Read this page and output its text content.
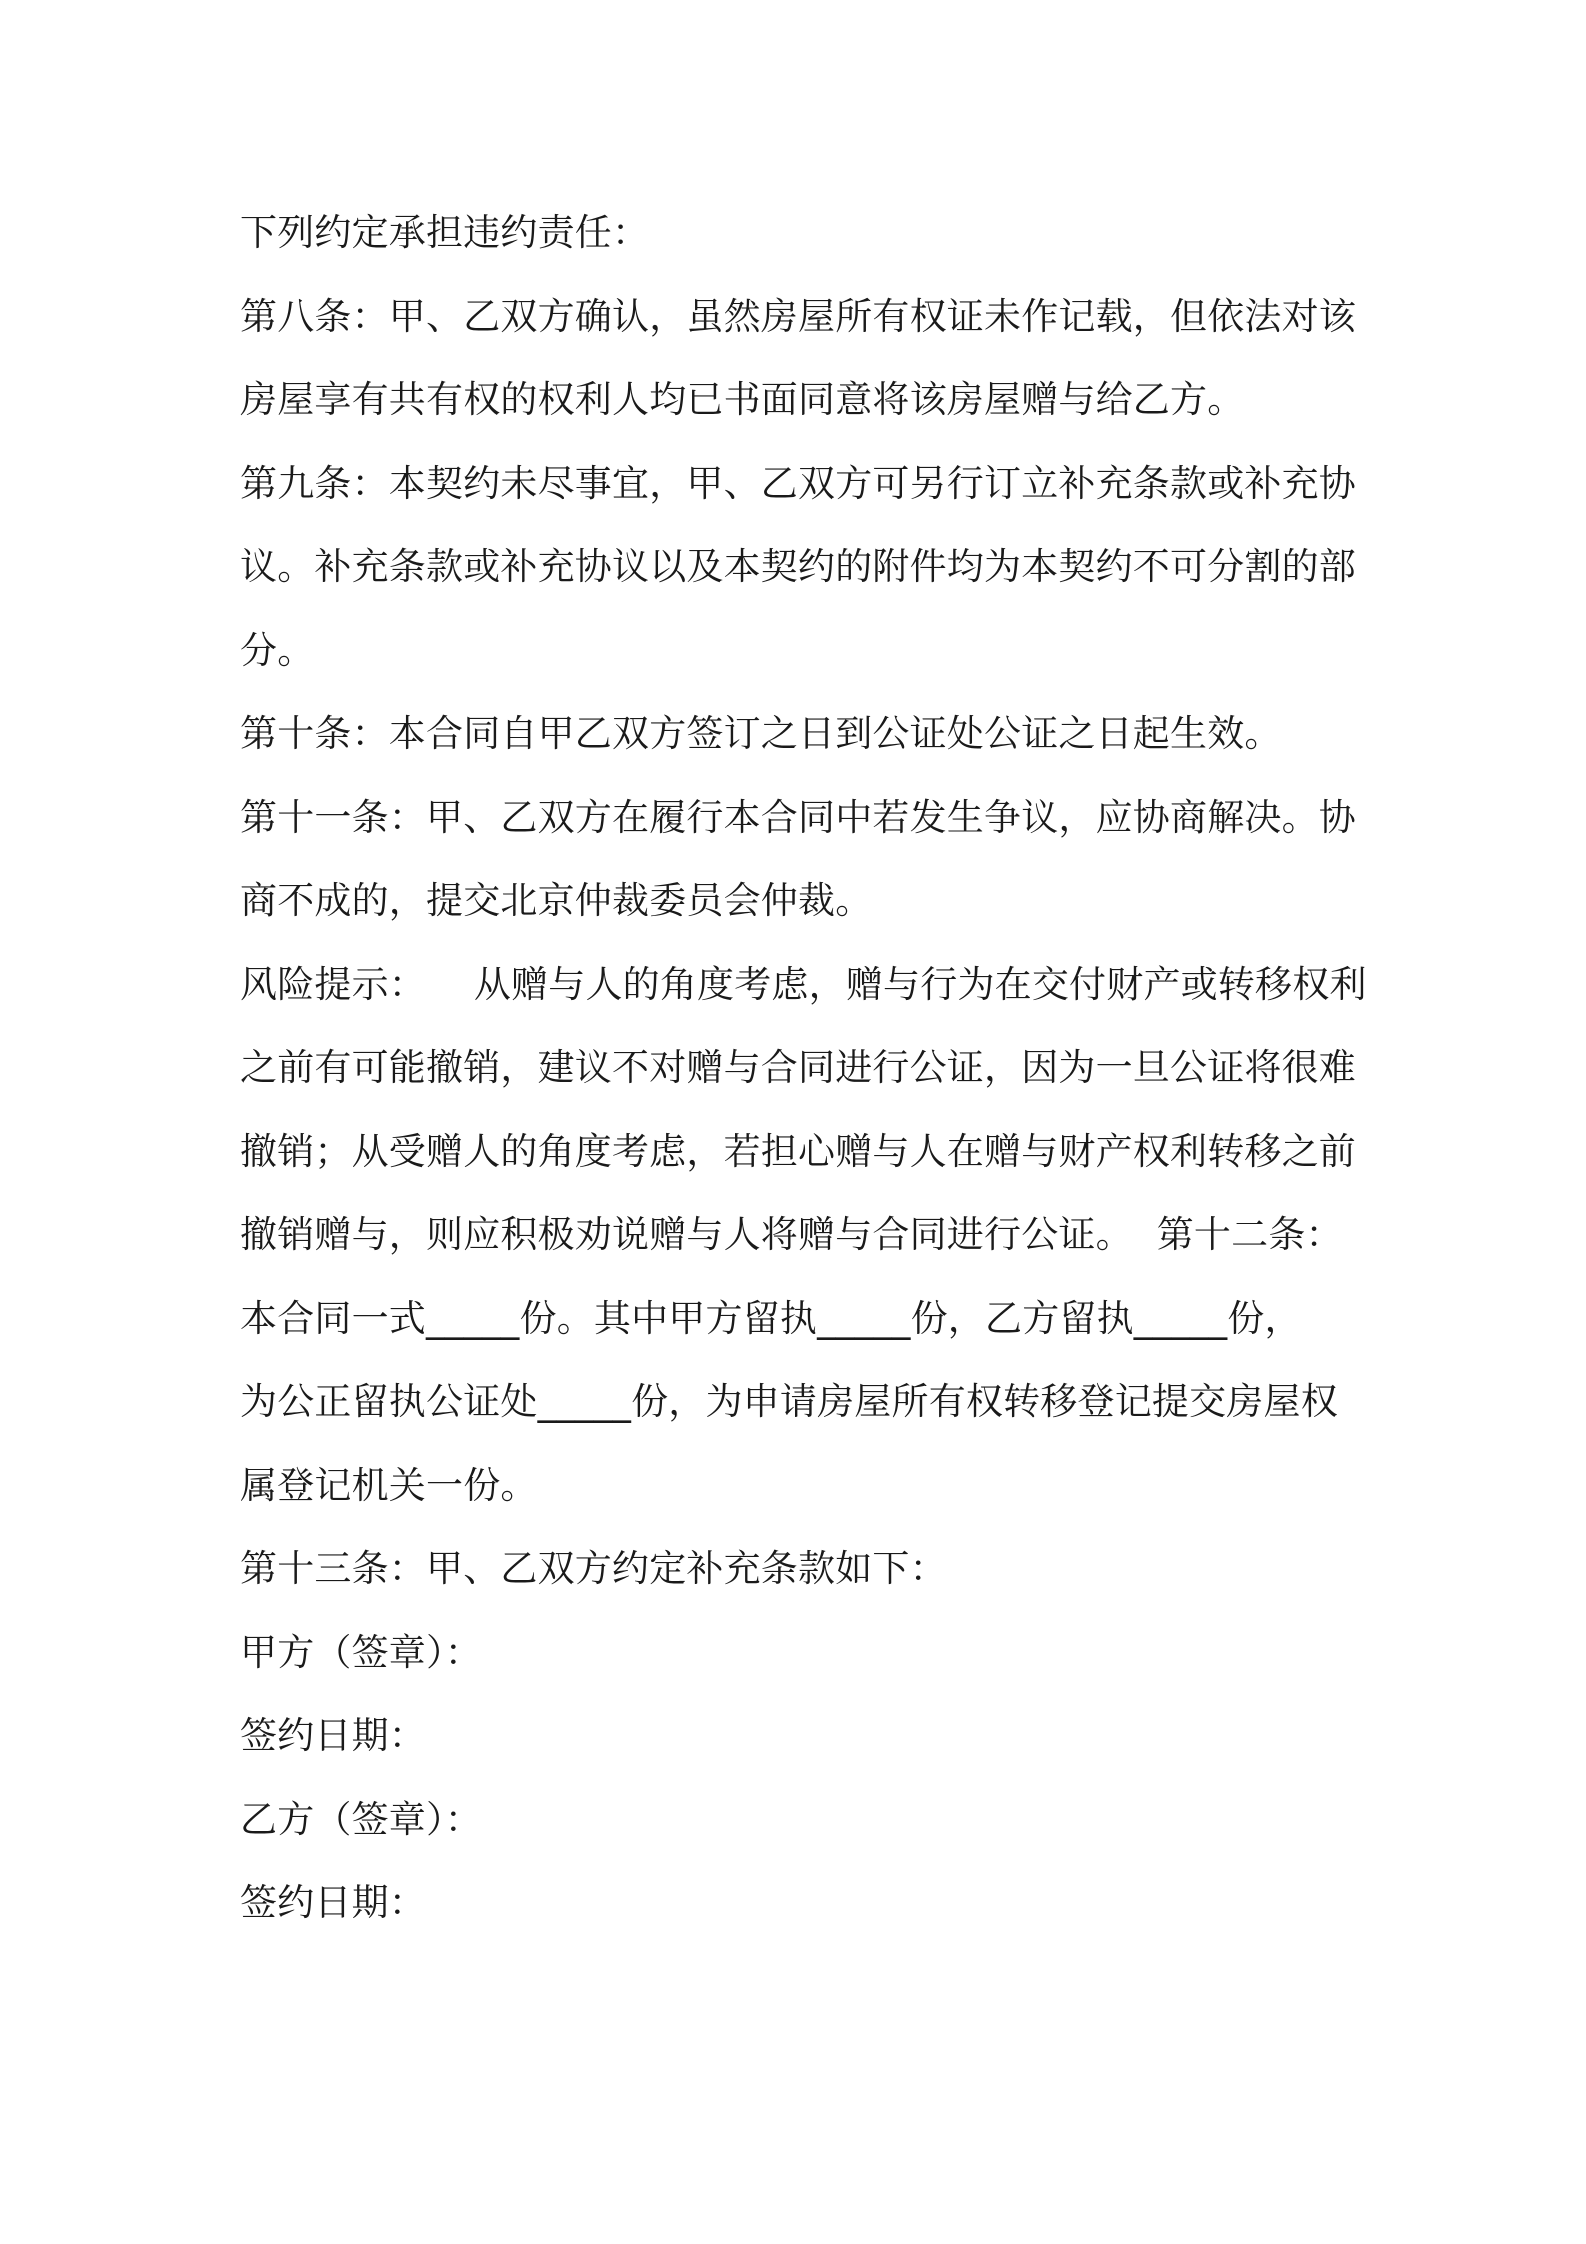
下列约定承担违约责任：
第八条：甲、乙双方确认，虽然房屋所有权证未作记载，但依法对该
房屋享有共有权的权利人均已书面同意将该房屋赠与给乙方。
第九条：本契约未尽事宜，甲、乙双方可另行订立补充条款或补充协
议。补充条款或补充协议以及本契约的附件均为本契约不可分割的部
分。
第十条：本合同自甲乙双方签订之日到公证处公证之日起生效。
第十一条：甲、乙双方在履行本合同中若发生争议，应协商解决。协
商不成的，提交北京仲裁委员会仲裁。
风险提示：    从赠与人的角度考虑，赠与行为在交付财产或转移权利
之前有可能撤销，建议不对赠与合同进行公证，因为一旦公证将很难
撤销；从受赠人的角度考虑，若担心赠与人在赠与财产权利转移之前
撤销赠与，则应积极劝说赠与人将赠与合同进行公证。  第十二条：
本合同一式_____份。其中甲方留执_____份，乙方留执_____份，
为公正留执公证处_____份，为申请房屋所有权转移登记提交房屋权
属登记机关一份。
第十三条：甲、乙双方约定补充条款如下：
甲方（签章）：
签约日期：
乙方（签章）：
签约日期：
